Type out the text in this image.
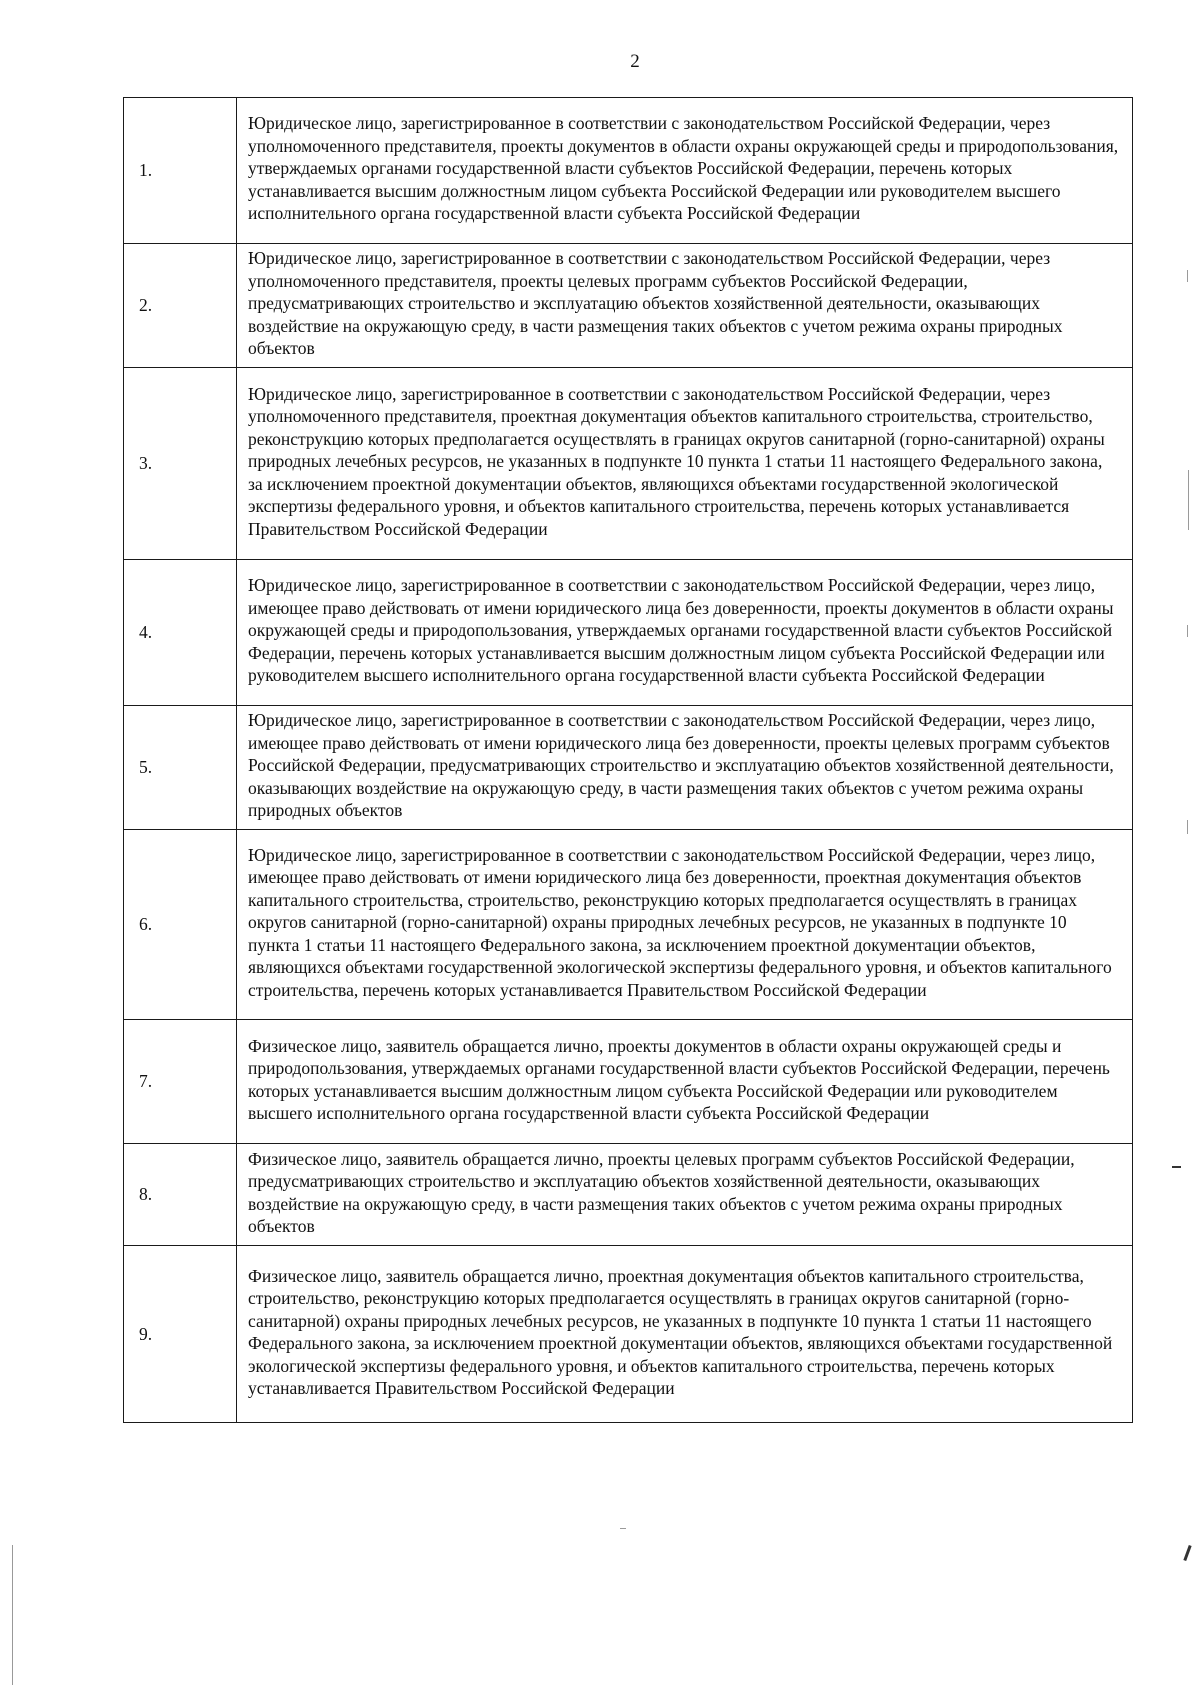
2
1.	Юридическое лицо, зарегистрированное в соответствии с законодательством Российской Федерации, через уполномоченного представителя, проекты документов в области охраны окружающей среды и природопользования, утверждаемых органами государственной власти субъектов Российской Федерации, перечень которых устанавливается высшим должностным лицом субъекта Российской Федерации или руководителем высшего исполнительного органа государственной власти субъекта Российской Федерации
2.	Юридическое лицо, зарегистрированное в соответствии с законодательством Российской Федерации, через уполномоченного представителя, проекты целевых программ субъектов Российской Федерации, предусматривающих строительство и эксплуатацию объектов хозяйственной деятельности, оказывающих воздействие на окружающую среду, в части размещения таких объектов с учетом режима охраны природных объектов
3.	Юридическое лицо, зарегистрированное в соответствии с законодательством Российской Федерации, через уполномоченного представителя, проектная документация объектов капитального строительства, строительство, реконструкцию которых предполагается осуществлять в границах округов санитарной (горно-санитарной) охраны природных лечебных ресурсов, не указанных в подпункте 10 пункта 1 статьи 11 настоящего Федерального закона, за исключением проектной документации объектов, являющихся объектами государственной экологической экспертизы федерального уровня, и объектов капитального строительства, перечень которых устанавливается Правительством Российской Федерации
4.	Юридическое лицо, зарегистрированное в соответствии с законодательством Российской Федерации, через лицо, имеющее право действовать от имени юридического лица без доверенности, проекты документов в области охраны окружающей среды и природопользования, утверждаемых органами государственной власти субъектов Российской Федерации, перечень которых устанавливается высшим должностным лицом субъекта Российской Федерации или руководителем высшего исполнительного органа государственной власти субъекта Российской Федерации
5.	Юридическое лицо, зарегистрированное в соответствии с законодательством Российской Федерации, через лицо, имеющее право действовать от имени юридического лица без доверенности, проекты целевых программ субъектов Российской Федерации, предусматривающих строительство и эксплуатацию объектов хозяйственной деятельности, оказывающих воздействие на окружающую среду, в части размещения таких объектов с учетом режима охраны природных объектов
6.	Юридическое лицо, зарегистрированное в соответствии с законодательством Российской Федерации, через лицо, имеющее право действовать от имени юридического лица без доверенности, проектная документация объектов капитального строительства, строительство, реконструкцию которых предполагается осуществлять в границах округов санитарной (горно-санитарной) охраны природных лечебных ресурсов, не указанных в подпункте 10 пункта 1 статьи 11 настоящего Федерального закона, за исключением проектной документации объектов, являющихся объектами государственной экологической экспертизы федерального уровня, и объектов капитального строительства, перечень которых устанавливается Правительством Российской Федерации
7.	Физическое лицо, заявитель обращается лично, проекты документов в области охраны окружающей среды и природопользования, утверждаемых органами государственной власти субъектов Российской Федерации, перечень которых устанавливается высшим должностным лицом субъекта Российской Федерации или руководителем высшего исполнительного органа государственной власти субъекта Российской Федерации
8.	Физическое лицо, заявитель обращается лично, проекты целевых программ субъектов Российской Федерации, предусматривающих строительство и эксплуатацию объектов хозяйственной деятельности, оказывающих воздействие на окружающую среду, в части размещения таких объектов с учетом режима охраны природных объектов
9.	Физическое лицо, заявитель обращается лично, проектная документация объектов капитального строительства, строительство, реконструкцию которых предполагается осуществлять в границах округов санитарной (горно-санитарной) охраны природных лечебных ресурсов, не указанных в подпункте 10 пункта 1 статьи 11 настоящего Федерального закона, за исключением проектной документации объектов, являющихся объектами государственной экологической экспертизы федерального уровня, и объектов капитального строительства, перечень которых устанавливается Правительством Российской Федерации
